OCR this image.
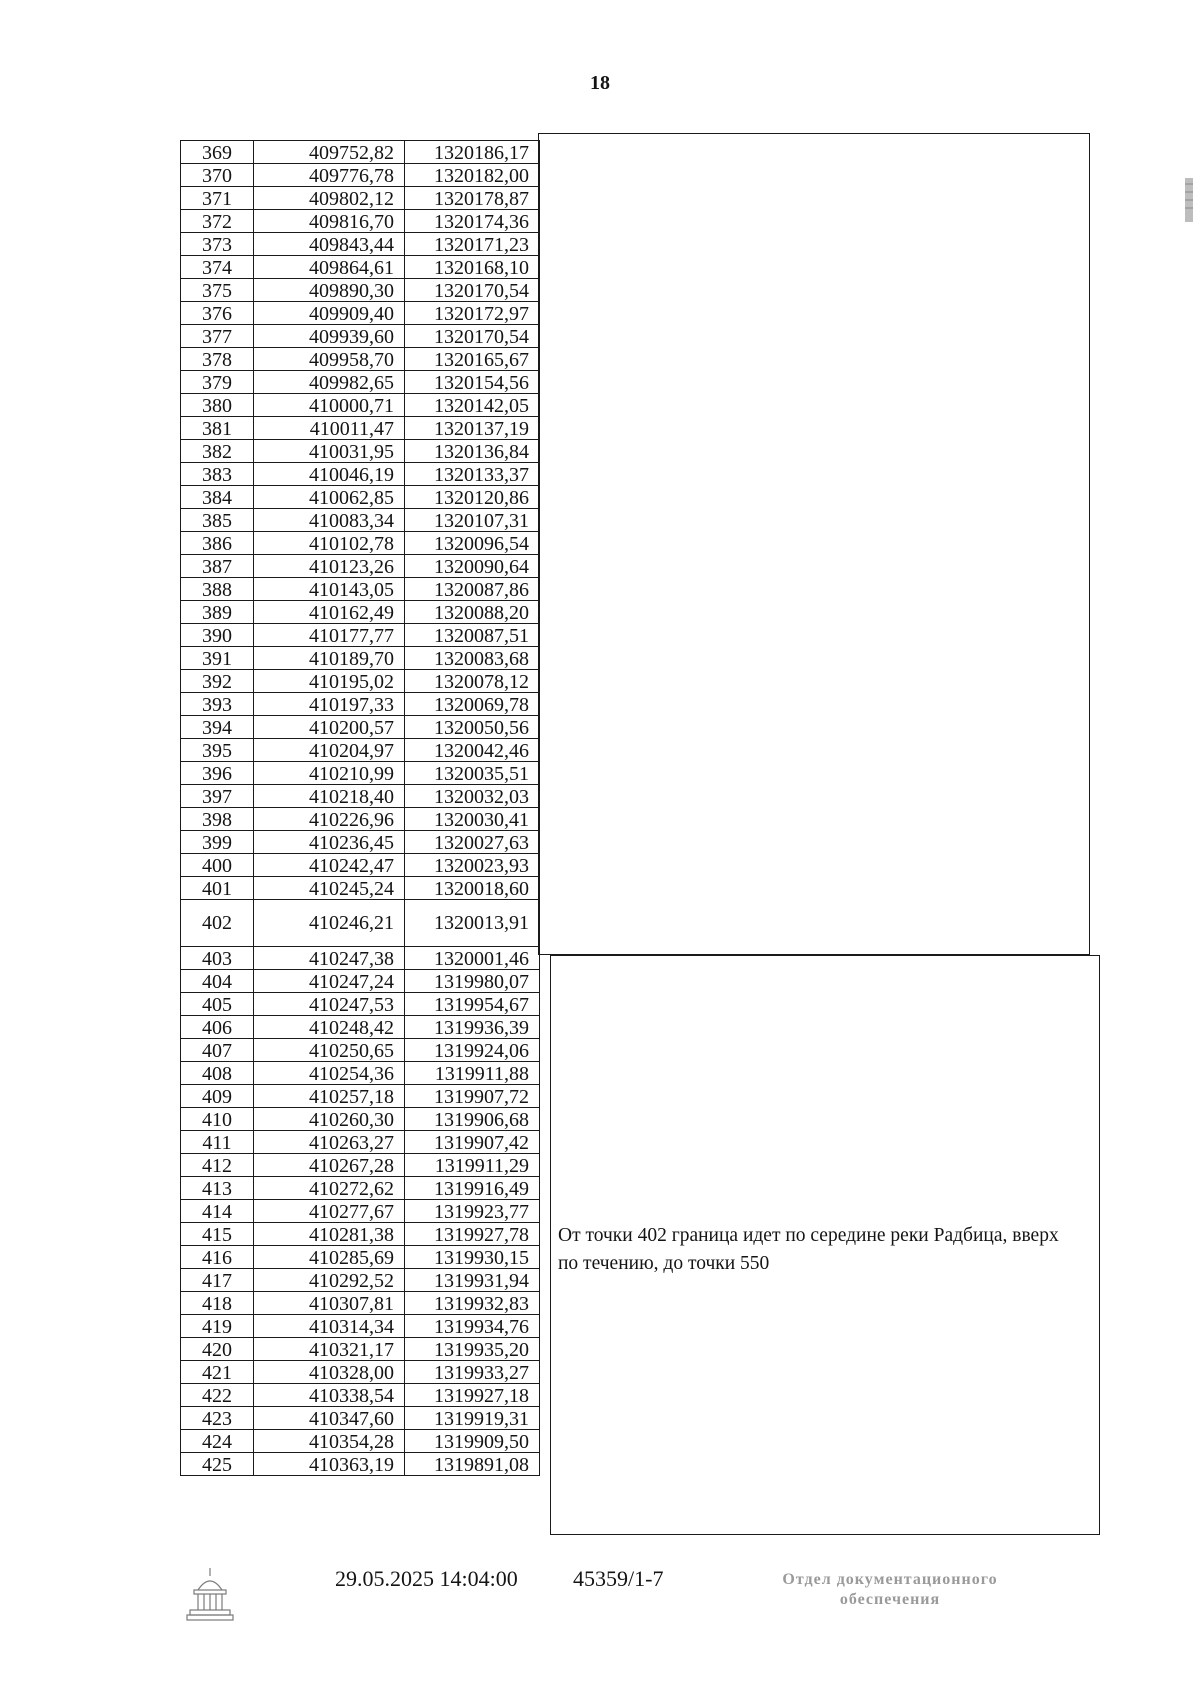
18
369	409752,82	1320186,17
370	409776,78	1320182,00
371	409802,12	1320178,87
372	409816,70	1320174,36
373	409843,44	1320171,23
374	409864,61	1320168,10
375	409890,30	1320170,54
376	409909,40	1320172,97
377	409939,60	1320170,54
378	409958,70	1320165,67
379	409982,65	1320154,56
380	410000,71	1320142,05
381	410011,47	1320137,19
382	410031,95	1320136,84
383	410046,19	1320133,37
384	410062,85	1320120,86
385	410083,34	1320107,31
386	410102,78	1320096,54
387	410123,26	1320090,64
388	410143,05	1320087,86
389	410162,49	1320088,20
390	410177,77	1320087,51
391	410189,70	1320083,68
392	410195,02	1320078,12
393	410197,33	1320069,78
394	410200,57	1320050,56
395	410204,97	1320042,46
396	410210,99	1320035,51
397	410218,40	1320032,03
398	410226,96	1320030,41
399	410236,45	1320027,63
400	410242,47	1320023,93
401	410245,24	1320018,60
402	410246,21	1320013,91
403	410247,38	1320001,46
404	410247,24	1319980,07
405	410247,53	1319954,67
406	410248,42	1319936,39
407	410250,65	1319924,06
408	410254,36	1319911,88
409	410257,18	1319907,72
410	410260,30	1319906,68
411	410263,27	1319907,42
412	410267,28	1319911,29
413	410272,62	1319916,49
414	410277,67	1319923,77
415	410281,38	1319927,78
416	410285,69	1319930,15
417	410292,52	1319931,94
418	410307,81	1319932,83
419	410314,34	1319934,76
420	410321,17	1319935,20
421	410328,00	1319933,27
422	410338,54	1319927,18
423	410347,60	1319919,31
424	410354,28	1319909,50
425	410363,19	1319891,08
От точки 402 граница идет по середине реки Радбица, вверх
по течению, до точки 550
29.05.2025 14:04:00	45359/1-7	Отдел документационного
обеспечения
